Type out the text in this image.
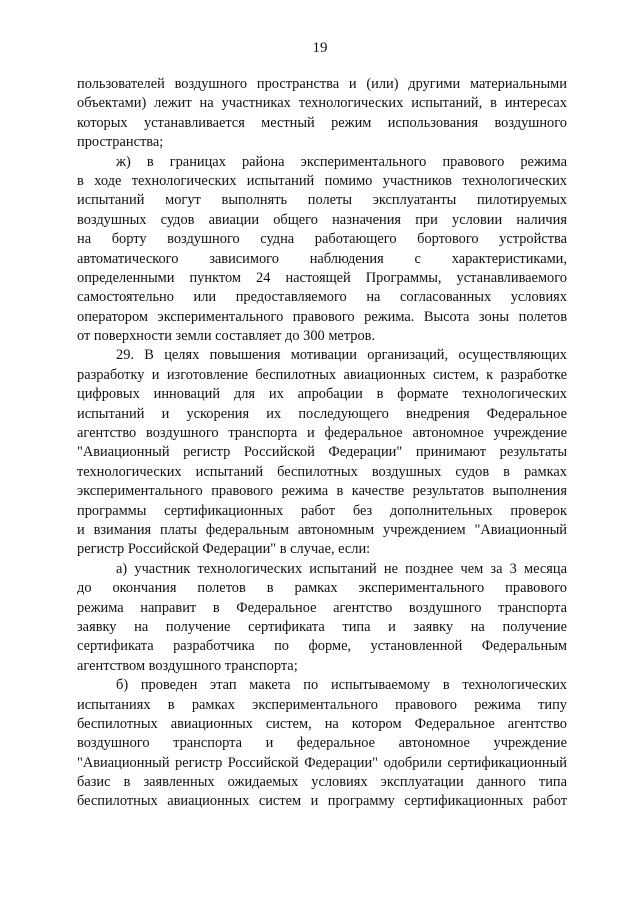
19
пользователей воздушного пространства и (или) другими материальными
объектами) лежит на участниках технологических испытаний, в интересах
которых устанавливается местный режим использования воздушного
пространства;
ж) в границах района экспериментального правового режима
в ходе технологических испытаний помимо участников технологических
испытаний могут выполнять полеты эксплуатанты пилотируемых
воздушных судов авиации общего назначения при условии наличия
на борту воздушного судна работающего бортового устройства
автоматического зависимого наблюдения с характеристиками,
определенными пунктом 24 настоящей Программы, устанавливаемого
самостоятельно или предоставляемого на согласованных условиях
оператором экспериментального правового режима. Высота зоны полетов
от поверхности земли составляет до 300 метров.
29. В целях повышения мотивации организаций, осуществляющих
разработку и изготовление беспилотных авиационных систем, к разработке
цифровых инноваций для их апробации в формате технологических
испытаний и ускорения их последующего внедрения Федеральное
агентство воздушного транспорта и федеральное автономное учреждение
"Авиационный регистр Российской Федерации" принимают результаты
технологических испытаний беспилотных воздушных судов в рамках
экспериментального правового режима в качестве результатов выполнения
программы сертификационных работ без дополнительных проверок
и взимания платы федеральным автономным учреждением "Авиационный
регистр Российской Федерации" в случае, если:
а) участник технологических испытаний не позднее чем за 3 месяца
до окончания полетов в рамках экспериментального правового
режима направит в Федеральное агентство воздушного транспорта
заявку на получение сертификата типа и заявку на получение
сертификата разработчика по форме, установленной Федеральным
агентством воздушного транспорта;
б) проведен этап макета по испытываемому в технологических
испытаниях в рамках экспериментального правового режима типу
беспилотных авиационных систем, на котором Федеральное агентство
воздушного транспорта и федеральное автономное учреждение
"Авиационный регистр Российской Федерации" одобрили сертификационный
базис в заявленных ожидаемых условиях эксплуатации данного типа
беспилотных авиационных систем и программу сертификационных работ
